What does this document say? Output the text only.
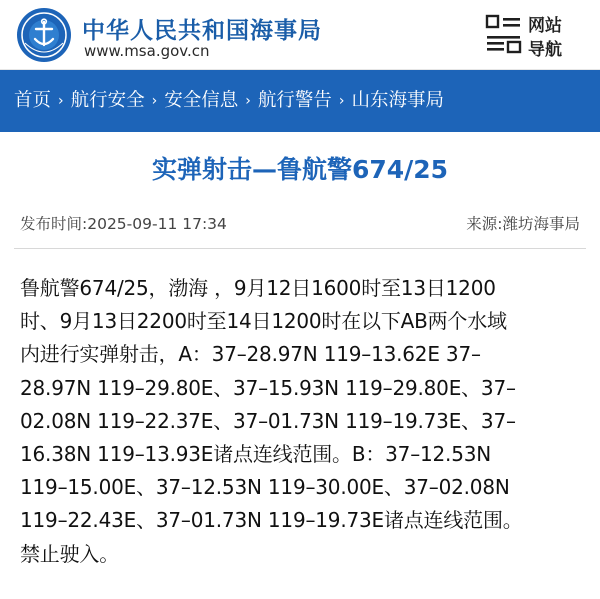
中华人民共和国海事局
www.msa.gov.cn
网站
导航
首页 › 航行安全 › 安全信息 › 航行警告 › 山东海事局
实弹射击—鲁航警674/25
发布时间:2025-09-11 17:34	来源:潍坊海事局
鲁航警674/25，渤海 ，9月12日1600时至13日1200
时、9月13日2200时至14日1200时在以下AB两个水域
内进行实弹射击，A：37–28.97N 119–13.62E 37–
28.97N 119–29.80E、37–15.93N 119–29.80E、37–
02.08N 119–22.37E、37–01.73N 119–19.73E、37–
16.38N 119–13.93E诸点连线范围。B：37–12.53N
119–15.00E、37–12.53N 119–30.00E、37–02.08N
119–22.43E、37–01.73N 119–19.73E诸点连线范围。
禁止驶入。
